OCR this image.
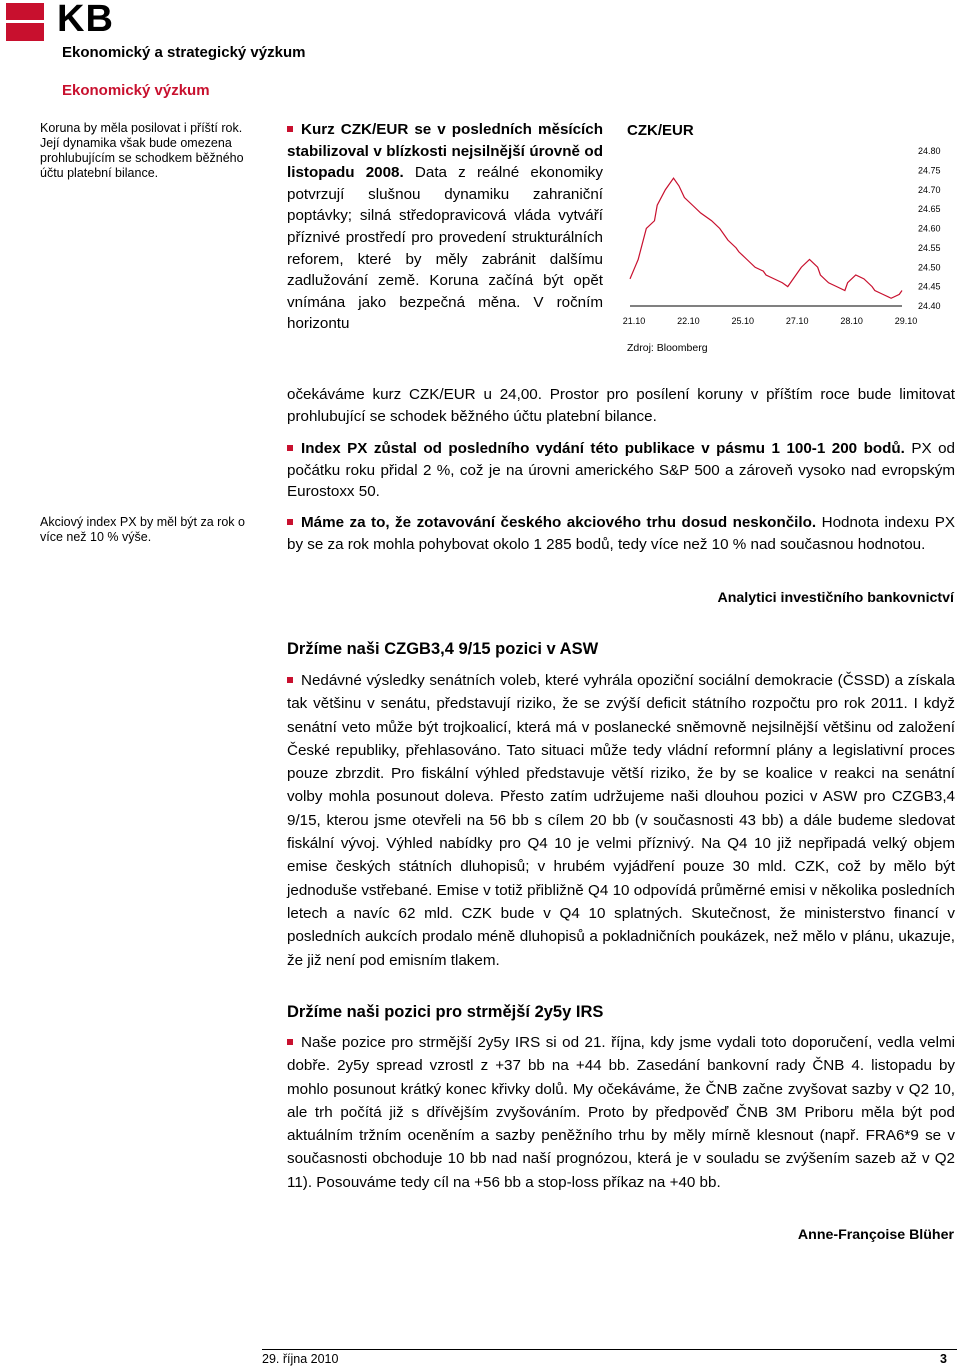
KB
Ekonomický a strategický výzkum
Ekonomický výzkum
Koruna by měla posilovat i příští rok. Její dynamika však bude omezena prohlubujícím se schodkem běžného účtu platební bilance.
Akciový index PX by měl být za rok o více než 10 % výše.
Kurz CZK/EUR se v posledních měsících stabilizoval v blízkosti nejsilnější úrovně od listopadu 2008. Data z reálné ekonomiky potvrzují slušnou dynamiku zahraniční poptávky; silná středopravicová vláda vytváří příznivé prostředí pro provedení strukturálních reforem, které by měly zabránit dalšímu zadlužování země. Koruna začíná být opět vnímána jako bezpečná měna. V ročním horizontu
očekáváme kurz CZK/EUR u 24,00. Prostor pro posílení koruny v příštím roce bude limitovat prohlubující se schodek běžného účtu platební bilance.
CZK/EUR
24.80
24.75
24.70
24.65
24.60
24.55
24.50
24.45
24.40
21.10	22.10	25.10	27.10	28.10	29.10
Zdroj: Bloomberg
Index PX zůstal od posledního vydání této publikace v pásmu 1 100-1 200 bodů. PX od počátku roku přidal 2 %, což je na úrovni amerického S&P 500 a zároveň vysoko nad evropským Eurostoxx 50.
Máme za to, že zotavování českého akciového trhu dosud neskončilo. Hodnota indexu PX by se za rok mohla pohybovat okolo 1 285 bodů, tedy více než 10 % nad současnou hodnotou.
Analytici investičního bankovnictví
Držíme naši CZGB3,4 9/15 pozici v ASW
Nedávné výsledky senátních voleb, které vyhrála opoziční sociální demokracie (ČSSD) a získala tak většinu v senátu, představují riziko, že se zvýší deficit státního rozpočtu pro rok 2011. I když senátní veto může být trojkoalicí, která má v poslanecké sněmovně nejsilnější většinu od založení České republiky, přehlasováno. Tato situaci může tedy vládní reformní plány a legislativní proces pouze zbrzdit. Pro fiskální výhled představuje větší riziko, že by se koalice v reakci na senátní volby mohla posunout doleva. Přesto zatím udržujeme naši dlouhou pozici v ASW pro CZGB3,4 9/15, kterou jsme otevřeli na 56 bb s cílem 20 bb (v současnosti 43 bb) a dále budeme sledovat fiskální vývoj. Výhled nabídky pro Q4 10 je velmi příznivý. Na Q4 10 již nepřipadá velký objem emise českých státních dluhopisů; v hrubém vyjádření pouze 30 mld. CZK, což by mělo být jednoduše vstřebané. Emise v totiž přibližně Q4 10 odpovídá průměrné emisi v několika posledních letech a navíc 62 mld. CZK bude v Q4 10 splatných. Skutečnost, že ministerstvo financí v posledních aukcích prodalo méně dluhopisů a pokladničních poukázek, než mělo v plánu, ukazuje, že již není pod emisním tlakem.
Držíme naši pozici pro strmější 2y5y IRS
Naše pozice pro strmější 2y5y IRS si od 21. října, kdy jsme vydali toto doporučení, vedla velmi dobře. 2y5y spread vzrostl z +37 bb na +44 bb. Zasedání bankovní rady ČNB 4. listopadu by mohlo posunout krátký konec křivky dolů. My očekáváme, že ČNB začne zvyšovat sazby v Q2 10, ale trh počítá již s dřívějším zvyšováním. Proto by předpověď ČNB 3M Priboru měla být pod aktuálním tržním oceněním a sazby peněžního trhu by měly mírně klesnout (např. FRA6*9 se v současnosti obchoduje 10 bb nad naší prognózou, která je v souladu se zvýšením sazeb až v Q2 11). Posouváme tedy cíl na +56 bb a stop-loss příkaz na +40 bb.
Anne-Françoise Blüher
29. října 2010	3
